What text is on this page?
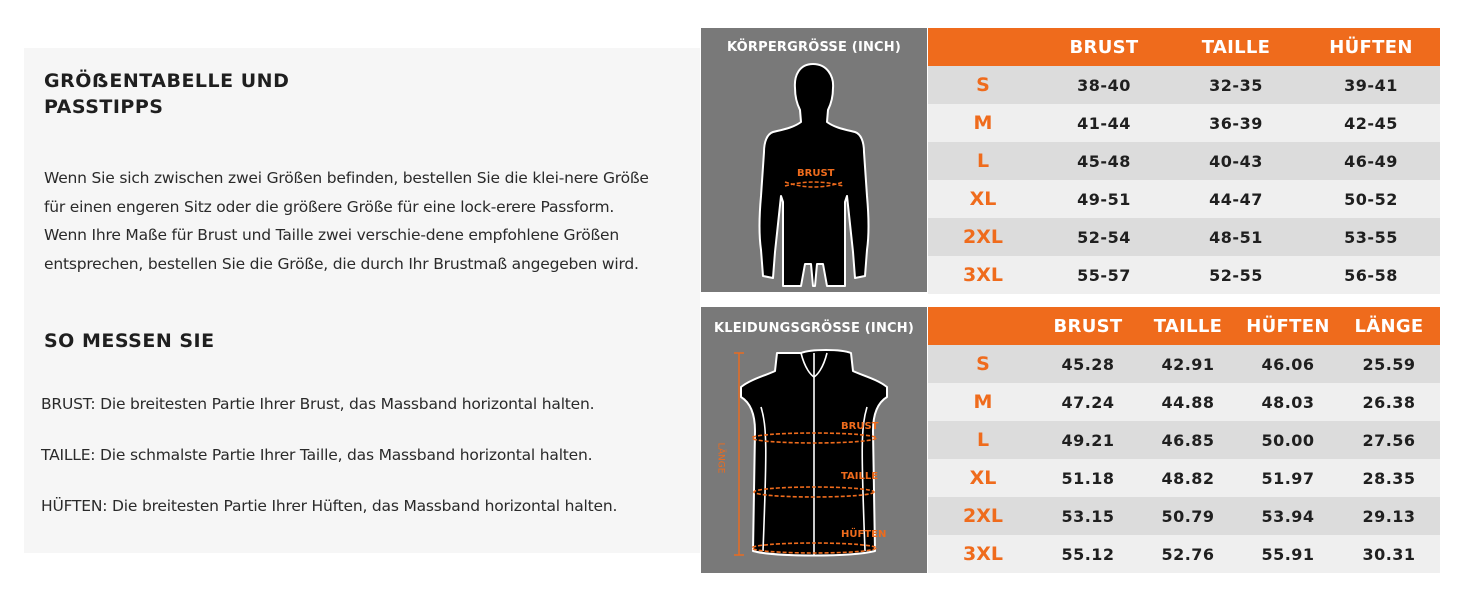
GRÖẞENTABELLE UND PASSTIPPS

Wenn Sie sich zwischen zwei Größen befinden, bestellen Sie die klei-nere Größe für einen engeren Sitz oder die größere Größe für eine lock-erere Passform. Wenn Ihre Maße für Brust und Taille zwei verschie-dene empfohlene Größen entsprechen, bestellen Sie die Größe, die durch Ihr Brustmaß angegeben wird.

SO MESSEN SIE

BRUST: Die breitesten Partie Ihrer Brust, das Massband horizontal halten.

TAILLE: Die schmalste Partie Ihrer Taille, das Massband horizontal halten.

HÜFTEN: Die breitesten Partie Ihrer Hüften, das Massband horizontal halten.

KÖRPERGRÖSSE (INCH)
BRUST
	BRUST	TAILLE	HÜFTEN
S	38-40	32-35	39-41
M	41-44	36-39	42-45
L	45-48	40-43	46-49
XL	49-51	44-47	50-52
2XL	52-54	48-51	53-55
3XL	55-57	52-55	56-58
KLEIDUNGSGRÖSSE (INCH)
BRUST
TAILLE
HÜFTEN
LÄNGE
	BRUST	TAILLE	HÜFTEN	LÄNGE
S	45.28	42.91	46.06	25.59
M	47.24	44.88	48.03	26.38
L	49.21	46.85	50.00	27.56
XL	51.18	48.82	51.97	28.35
2XL	53.15	50.79	53.94	29.13
3XL	55.12	52.76	55.91	30.31
